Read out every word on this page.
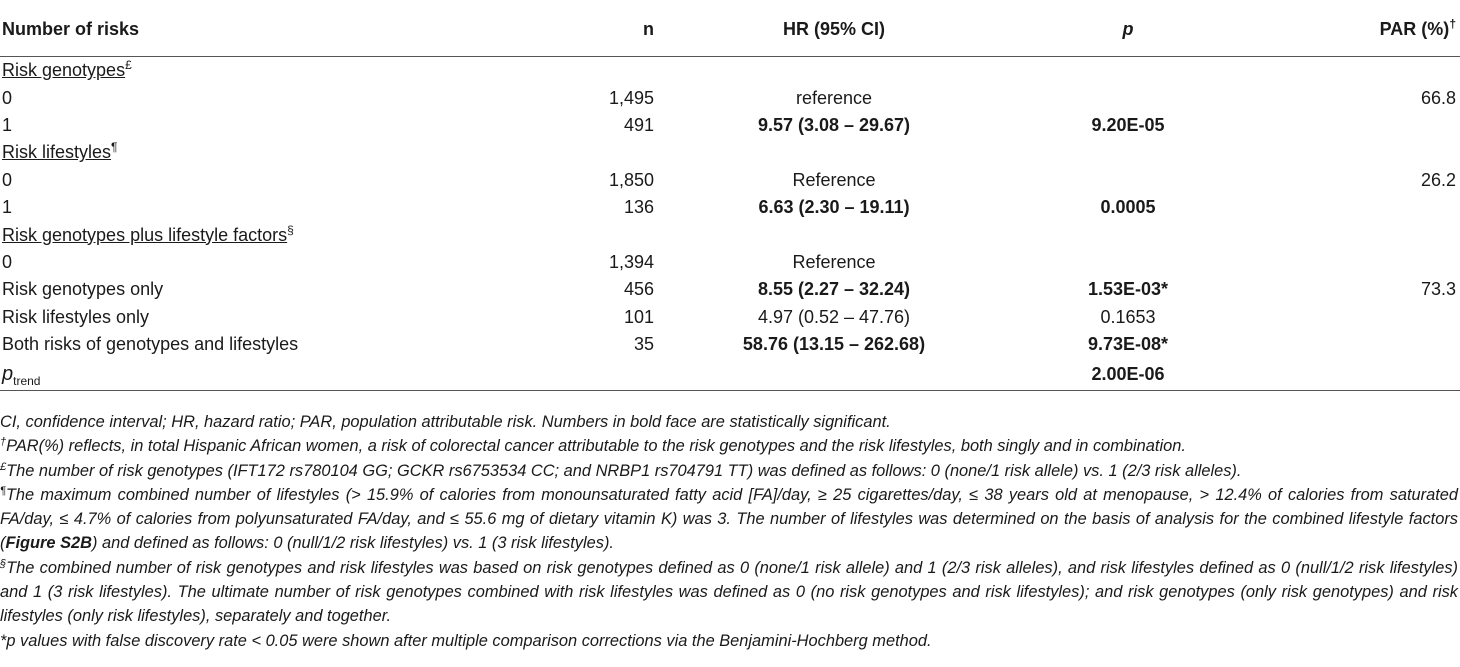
Number of risks	n	HR (95% CI)	p	PAR (%)†
Risk genotypes£
0	1,495	reference		66.8
1	491	9.57 (3.08 – 29.67)	9.20E-05	
Risk lifestyles¶
0	1,850	Reference		26.2
1	136	6.63 (2.30 – 19.11)	0.0005	
Risk genotypes plus lifestyle factors§
0	1,394	Reference		
Risk genotypes only	456	8.55 (2.27 – 32.24)	1.53E-03*	73.3
Risk lifestyles only	101	4.97 (0.52 – 47.76)	0.1653	
Both risks of genotypes and lifestyles	35	58.76 (13.15 – 262.68)	9.73E-08*	
$p_{trend}$			2.00E-06	

CI, confidence interval; HR, hazard ratio; PAR, population attributable risk. Numbers in bold face are statistically significant.

†PAR(%) reflects, in total Hispanic African women, a risk of colorectal cancer attributable to the risk genotypes and the risk lifestyles, both singly and in combination.

£The number of risk genotypes (IFT172 rs780104 GG; GCKR rs6753534 CC; and NRBP1 rs704791 TT) was defined as follows: 0 (none/1 risk allele) vs. 1 (2/3 risk alleles).

¶The maximum combined number of lifestyles (> 15.9% of calories from monounsaturated fatty acid [FA]/day, ≥ 25 cigarettes/day, ≤ 38 years old at menopause, > 12.4% of calories from saturated FA/day, ≤ 4.7% of calories from polyunsaturated FA/day, and ≤ 55.6 mg of dietary vitamin K) was 3. The number of lifestyles was determined on the basis of analysis for the combined lifestyle factors (Figure S2B) and defined as follows: 0 (null/1/2 risk lifestyles) vs. 1 (3 risk lifestyles).

§The combined number of risk genotypes and risk lifestyles was based on risk genotypes defined as 0 (none/1 risk allele) and 1 (2/3 risk alleles), and risk lifestyles defined as 0 (null/1/2 risk lifestyles) and 1 (3 risk lifestyles). The ultimate number of risk genotypes combined with risk lifestyles was defined as 0 (no risk genotypes and risk lifestyles); and risk genotypes (only risk genotypes) and risk lifestyles (only risk lifestyles), separately and together.

*p values with false discovery rate < 0.05 were shown after multiple comparison corrections via the Benjamini-Hochberg method.
